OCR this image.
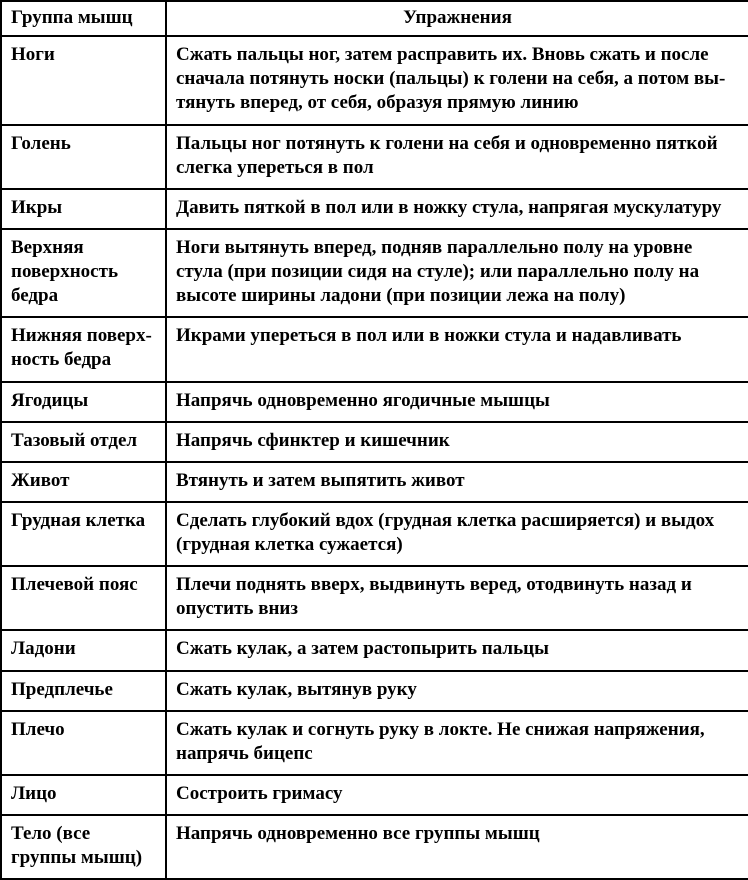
Группа мышц	Упражнения
Ноги	Сжать пальцы ног, затем расправить их. Вновь сжать и после сначала потянуть носки (пальцы) к голени на себя, а потом вытянуть вперед, от себя, образуя прямую линию
Голень	Пальцы ног потянуть к голени на себя и одновременно пяткой слегка упереться в пол
Икры	Давить пяткой в пол или в ножку стула, напрягая мускулатуру
Верхняя поверхность бедра	Ноги вытянуть вперед, подняв параллельно полу на уровне стула (при позиции сидя на стуле); или параллельно полу на высоте ширины ладони (при позиции лежа на полу)
Нижняя поверхность бедра	Икрами упереться в пол или в ножки стула и надавливать
Ягодицы	Напрячь одновременно ягодичные мышцы
Тазовый отдел	Напрячь сфинктер и кишечник
Живот	Втянуть и затем выпятить живот
Грудная клетка	Сделать глубокий вдох (грудная клетка расширяется) и выдох (грудная клетка сужается)
Плечевой пояс	Плечи поднять вверх, выдвинуть веред, отодвинуть назад и опустить вниз
Ладони	Сжать кулак, а затем растопырить пальцы
Предплечье	Сжать кулак, вытянув руку
Плечо	Сжать кулак и согнуть руку в локте. Не снижая напряжения, напрячь бицепс
Лицо	Состроить гримасу
Тело (все группы мышц)	Напрячь одновременно все группы мышц
